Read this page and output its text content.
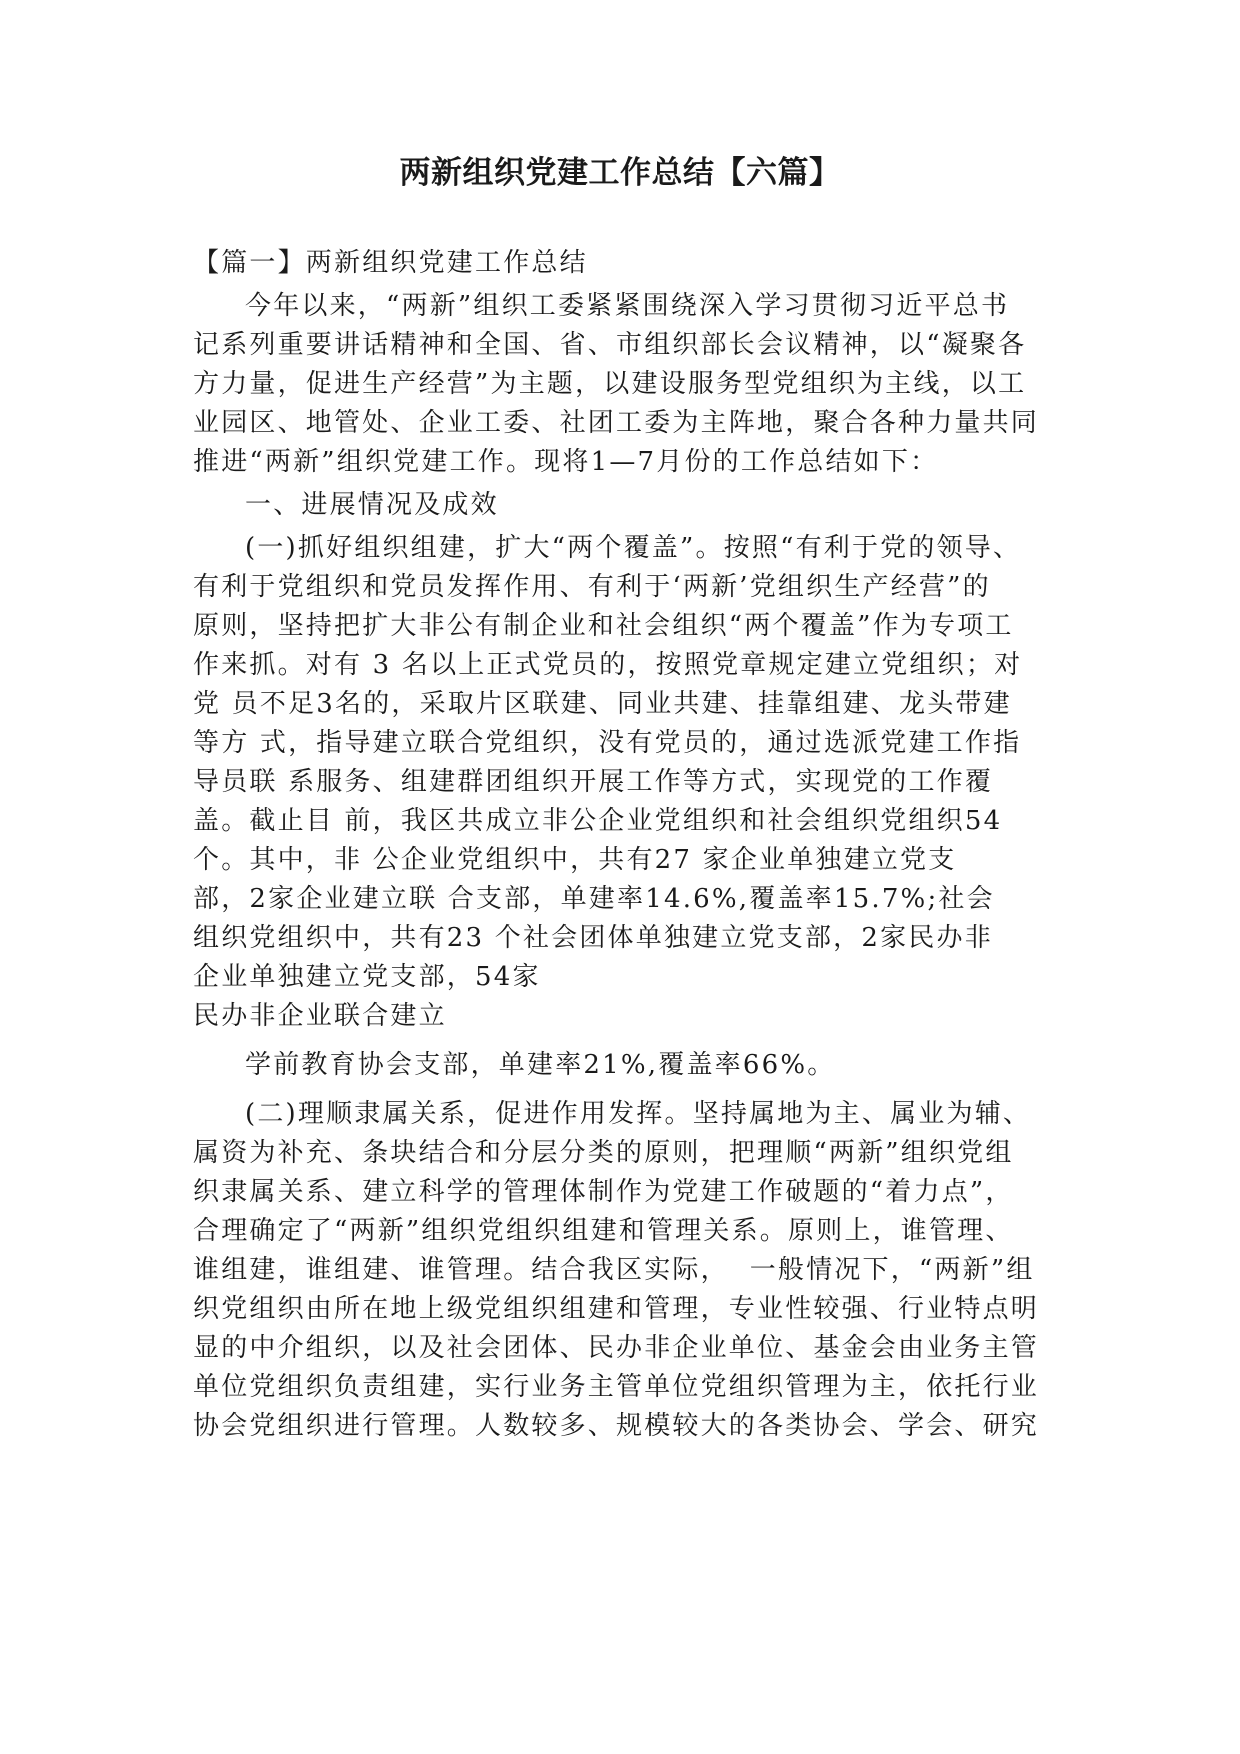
两新组织党建工作总结【六篇】

【篇一】两新组织党建工作总结

今年以来，“两新”组织工委紧紧围绕深入学习贯彻习近平总书

记系列重要讲话精神和全国、省、市组织部长会议精神，以“凝聚各

方力量，促进生产经营”为主题，以建设服务型党组织为主线，以工

业园区、地管处、企业工委、社团工委为主阵地，聚合各种力量共同

推进“两新”组织党建工作。现将1—7月份的工作总结如下：

一、进展情况及成效

(一)抓好组织组建，扩大“两个覆盖”。按照“有利于党的领导、

有利于党组织和党员发挥作用、有利于‘两新’党组织生产经营”的

原则，坚持把扩大非公有制企业和社会组织“两个覆盖”作为专项工

作来抓。对有 3 名以上正式党员的，按照党章规定建立党组织；对

党 员不足3名的，采取片区联建、同业共建、挂靠组建、龙头带建

等方 式，指导建立联合党组织，没有党员的，通过选派党建工作指

导员联 系服务、组建群团组织开展工作等方式，实现党的工作覆

盖。截止目 前，我区共成立非公企业党组织和社会组织党组织54

个。其中，非 公企业党组织中，共有27 家企业单独建立党支

部，2家企业建立联 合支部，单建率14.6%,覆盖率15.7%;社会

组织党组织中，共有23 个社会团体单独建立党支部，2家民办非

企业单独建立党支部，54家

民办非企业联合建立

学前教育协会支部，单建率21%,覆盖率66%。

(二)理顺隶属关系，促进作用发挥。坚持属地为主、属业为辅、

属资为补充、条块结合和分层分类的原则，把理顺“两新”组织党组

织隶属关系、建立科学的管理体制作为党建工作破题的“着力点”，

合理确定了“两新”组织党组织组建和管理关系。原则上，谁管理、

谁组建，谁组建、谁管理。结合我区实际，  一般情况下，“两新”组

织党组织由所在地上级党组织组建和管理，专业性较强、行业特点明

显的中介组织，以及社会团体、民办非企业单位、基金会由业务主管

单位党组织负责组建，实行业务主管单位党组织管理为主，依托行业

协会党组织进行管理。人数较多、规模较大的各类协会、学会、研究
